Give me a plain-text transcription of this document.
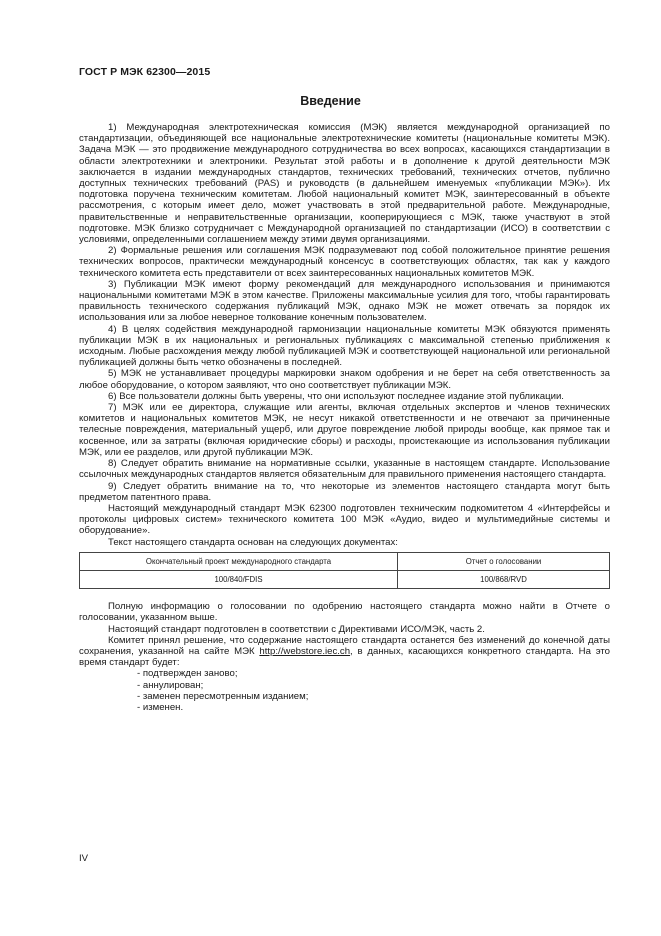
ГОСТ Р МЭК 62300—2015
Введение

1) Международная электротехническая комиссия (МЭК) является международной организацией по стандартизации, объединяющей все национальные электротехнические комитеты (национальные комитеты МЭК). Задача МЭК — это продвижение международного сотрудничества во всех вопросах, касающихся стандартизации в области электротехники и электроники. Результат этой работы и в дополнение к другой деятельности МЭК заключается в издании международных стандартов, технических требований, технических отчетов, публично доступных технических требований (PAS) и руководств (в дальнейшем именуемых «публикации МЭК»). Их подготовка поручена техническим комитетам. Любой национальный комитет МЭК, заинтересованный в объекте рассмотрения, с которым имеет дело, может участвовать в этой предварительной работе. Международные, правительственные и неправительственные организации, кооперирующиеся с МЭК, также участвуют в этой подготовке. МЭК близко сотрудничает с Международной организацией по стандартизации (ИСО) в соответствии с условиями, определенными соглашением между этими двумя организациями.

2) Формальные решения или соглашения МЭК подразумевают под собой положительное принятие решения технических вопросов, практически международный консенсус в соответствующих областях, так как у каждого технического комитета есть представители от всех заинтересованных национальных комитетов МЭК.

3) Публикации МЭК имеют форму рекомендаций для международного использования и принимаются национальными комитетами МЭК в этом качестве. Приложены максимальные усилия для того, чтобы гарантировать правильность технического содержания публикаций МЭК, однако МЭК не может отвечать за порядок их использования или за любое неверное толкование конечным пользователем.

4) В целях содействия международной гармонизации национальные комитеты МЭК обязуются применять публикации МЭК в их национальных и региональных публикациях с максимальной степенью приближения к исходным. Любые расхождения между любой публикацией МЭК и соответствующей национальной или региональной публикацией должны быть четко обозначены в последней.

5) МЭК не устанавливает процедуры маркировки знаком одобрения и не берет на себя ответственность за любое оборудование, о котором заявляют, что оно соответствует публикации МЭК.

6) Все пользователи должны быть уверены, что они используют последнее издание этой публикации.

7) МЭК или ее директора, служащие или агенты, включая отдельных экспертов и членов технических комитетов и национальных комитетов МЭК, не несут никакой ответственности и не отвечают за причиненные телесные повреждения, материальный ущерб, или другое повреждение любой природы вообще, как прямое так и косвенное, или за затраты (включая юридические сборы) и расходы, проистекающие из использования публикации МЭК, или ее разделов, или другой публикации МЭК.

8) Следует обратить внимание на нормативные ссылки, указанные в настоящем стандарте. Использование ссылочных международных стандартов является обязательным для правильного применения настоящего стандарта.

9) Следует обратить внимание на то, что некоторые из элементов настоящего стандарта могут быть предметом патентного права.

Настоящий международный стандарт МЭК 62300 подготовлен техническим подкомитетом 4 «Интерфейсы и протоколы цифровых систем» технического комитета 100 МЭК «Аудио, видео и мультимедийные системы и оборудование».

Текст настоящего стандарта основан на следующих документах:

Окончательный проект международного стандарта	Отчет о голосовании
100/840/FDIS	100/868/RVD

Полную информацию о голосовании по одобрению настоящего стандарта можно найти в Отчете о голосовании, указанном выше.

Настоящий стандарт подготовлен в соответствии с Директивами ИСО/МЭК, часть 2.

Комитет принял решение, что содержание настоящего стандарта останется без изменений до конечной даты сохранения, указанной на сайте МЭК http://webstore.iec.ch, в данных, касающихся конкретного стандарта. На это время стандарт будет:

- подтвержден заново;

- аннулирован;

- заменен пересмотренным изданием;

- изменен.

IV
